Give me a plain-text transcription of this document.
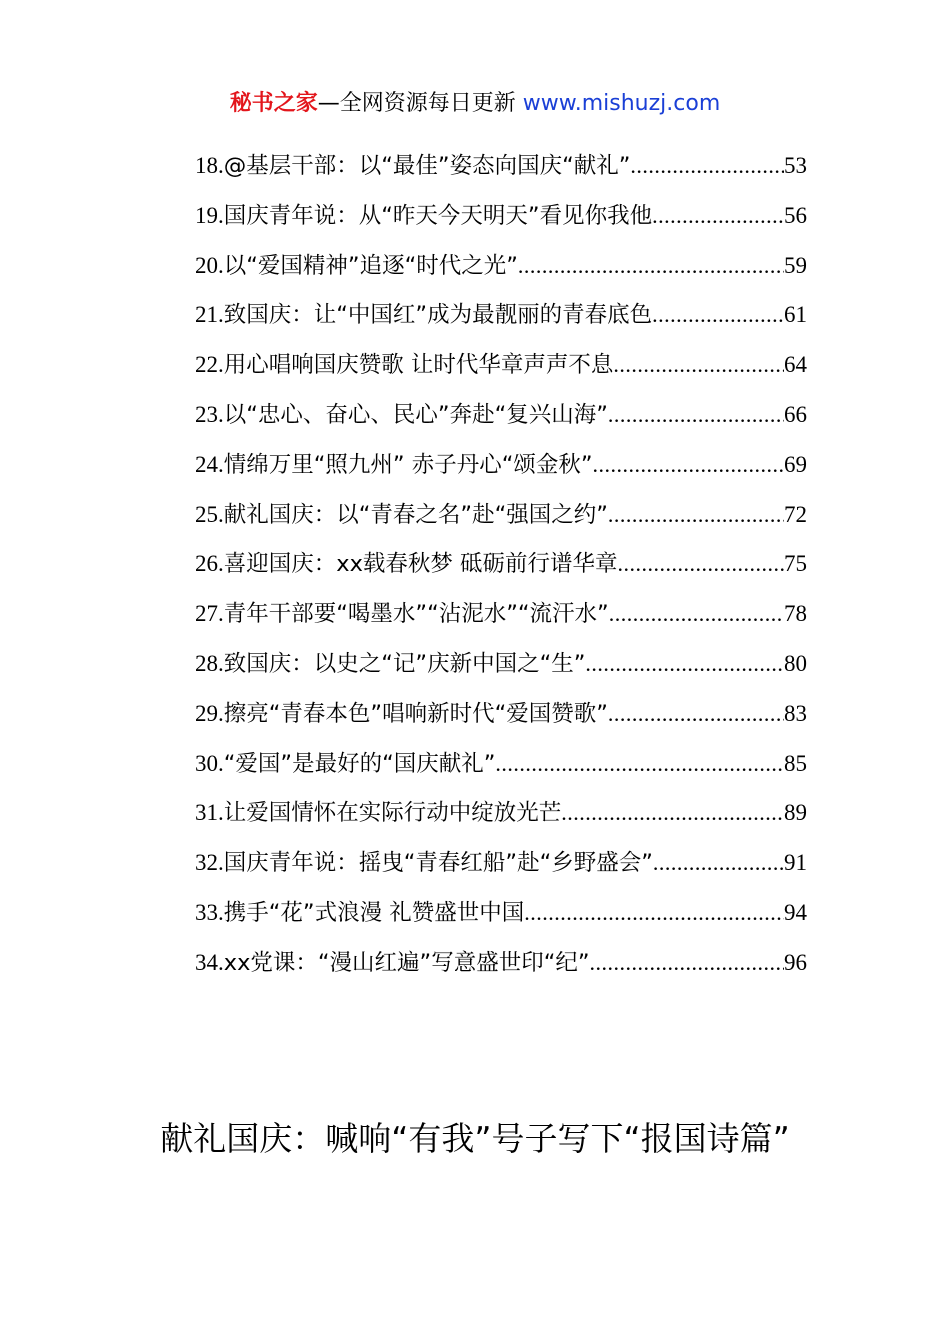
秘书之家—全网资源每日更新 www.mishuzj.com
18.@基层干部：以“最佳”姿态向国庆“献礼” .....	53
19.国庆青年说：从“昨天今天明天”看见你我他 .....	56
20.以“爱国精神”追逐“时代之光” .....	59
21.致国庆：让“中国红”成为最靓丽的青春底色 .....	61
22.用心唱响国庆赞歌 让时代华章声声不息 .....	64
23.以“忠心、奋心、民心”奔赴“复兴山海” .....	66
24.情绵万里“照九州” 赤子丹心“颂金秋” .....	69
25.献礼国庆：以“青春之名”赴“强国之约” .....	72
26.喜迎国庆：xx载春秋梦 砥砺前行谱华章 .....	75
27.青年干部要“喝墨水”“沾泥水”“流汗水” .....	78
28.致国庆：以史之“记”庆新中国之“生” .....	80
29.擦亮“青春本色”唱响新时代“爱国赞歌” .....	83
30.“爱国”是最好的“国庆献礼” .....	85
31.让爱国情怀在实际行动中绽放光芒 .....	89
32.国庆青年说：摇曳“青春红船”赴“乡野盛会” .....	91
33.携手“花”式浪漫 礼赞盛世中国 .....	94
34.xx党课：“漫山红遍”写意盛世印“纪” .....	96
献礼国庆：喊响“有我”号子写下“报国诗篇”
